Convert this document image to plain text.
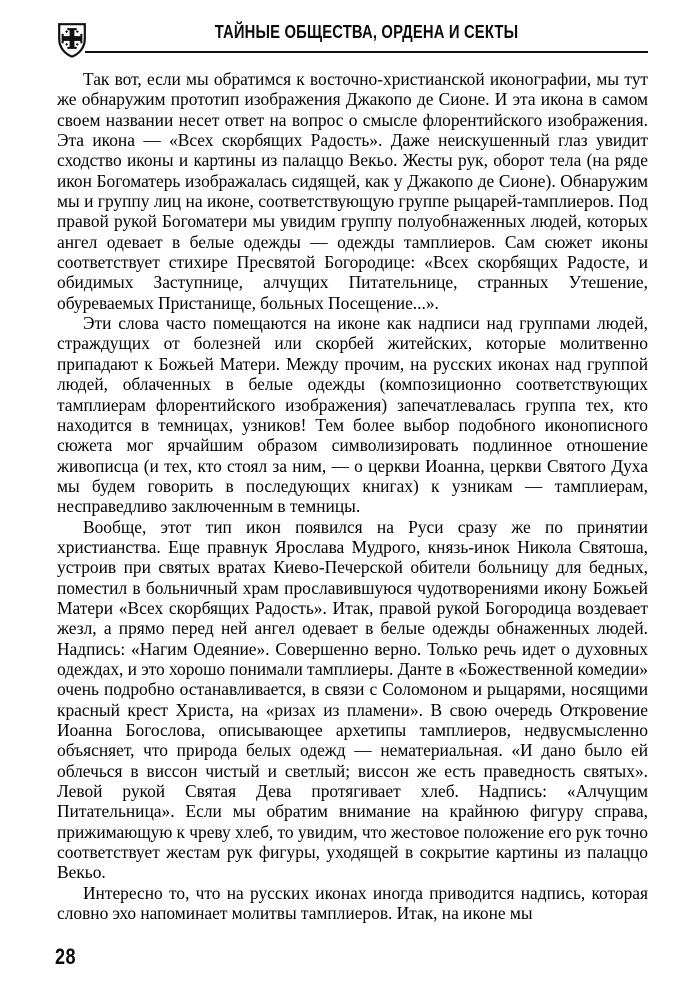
ТАЙНЫЕ ОБЩЕСТВА, ОРДЕНА И СЕКТЫ

Так вот, если мы обратимся к восточно-христианской иконографии, мы тут же обнаружим прототип изображения Джакопо де Сионе. И эта икона в самом своем названии несет ответ на вопрос о смысле флорентийского изображения. Эта икона — «Всех скорбящих Радость». Даже неискушенный глаз увидит сходство иконы и картины из палаццо Векьо. Жесты рук, оборот тела (на ряде икон Богоматерь изображалась сидящей, как у Джакопо де Сионе). Обнаружим мы и группу лиц на иконе, соответствующую группе рыцарей-тамплиеров. Под правой рукой Богоматери мы увидим группу полуобнаженных людей, которых ангел одевает в белые одежды — одежды тамплиеров. Сам сюжет иконы соответствует стихире Пресвятой Богородице: «Всех скорбящих Радосте, и обидимых Заступнице, алчущих Питательнице, странных Утешение, обуреваемых Пристанище, больных Посещение...».

Эти слова часто помещаются на иконе как надписи над группами людей, страждущих от болезней или скорбей житейских, которые молитвенно припадают к Божьей Матери. Между прочим, на русских иконах над группой людей, облаченных в белые одежды (композиционно соответствующих тамплиерам флорентийского изображения) запечатлевалась группа тех, кто находится в темницах, узников! Тем более выбор подобного иконописного сюжета мог ярчайшим образом символизировать подлинное отношение живописца (и тех, кто стоял за ним, — о церкви Иоанна, церкви Святого Духа мы будем говорить в последующих книгах) к узникам — тамплиерам, несправедливо заключенным в темницы.

Вообще, этот тип икон появился на Руси сразу же по принятии христианства. Еще правнук Ярослава Мудрого, князь-инок Никола Святоша, устроив при святых вратах Киево-Печерской обители больницу для бедных, поместил в больничный храм прославившуюся чудотворениями икону Божьей Матери «Всех скорбящих Радость». Итак, правой рукой Богородица воздевает жезл, а прямо перед ней ангел одевает в белые одежды обнаженных людей. Надпись: «Нагим Одеяние». Совершенно верно. Только речь идет о духовных одеждах, и это хорошо понимали тамплиеры. Данте в «Божественной комедии» очень подробно останавливается, в связи с Соломоном и рыцарями, носящими красный крест Христа, на «ризах из пламени». В свою очередь Откровение Иоанна Богослова, описывающее архетипы тамплиеров, недвусмысленно объясняет, что природа белых одежд — нематериальная. «И дано было ей облечься в виссон чистый и светлый; виссон же есть праведность святых». Левой рукой Святая Дева протягивает хлеб. Надпись: «Алчущим Питательница». Если мы обратим внимание на крайнюю фигуру справа, прижимающую к чреву хлеб, то увидим, что жестовое положение его рук точно соответствует жестам рук фигуры, уходящей в сокрытие картины из палаццо Векьо.

Интересно то, что на русских иконах иногда приводится надпись, которая словно эхо напоминает молитвы тамплиеров. Итак, на иконе мы

28
